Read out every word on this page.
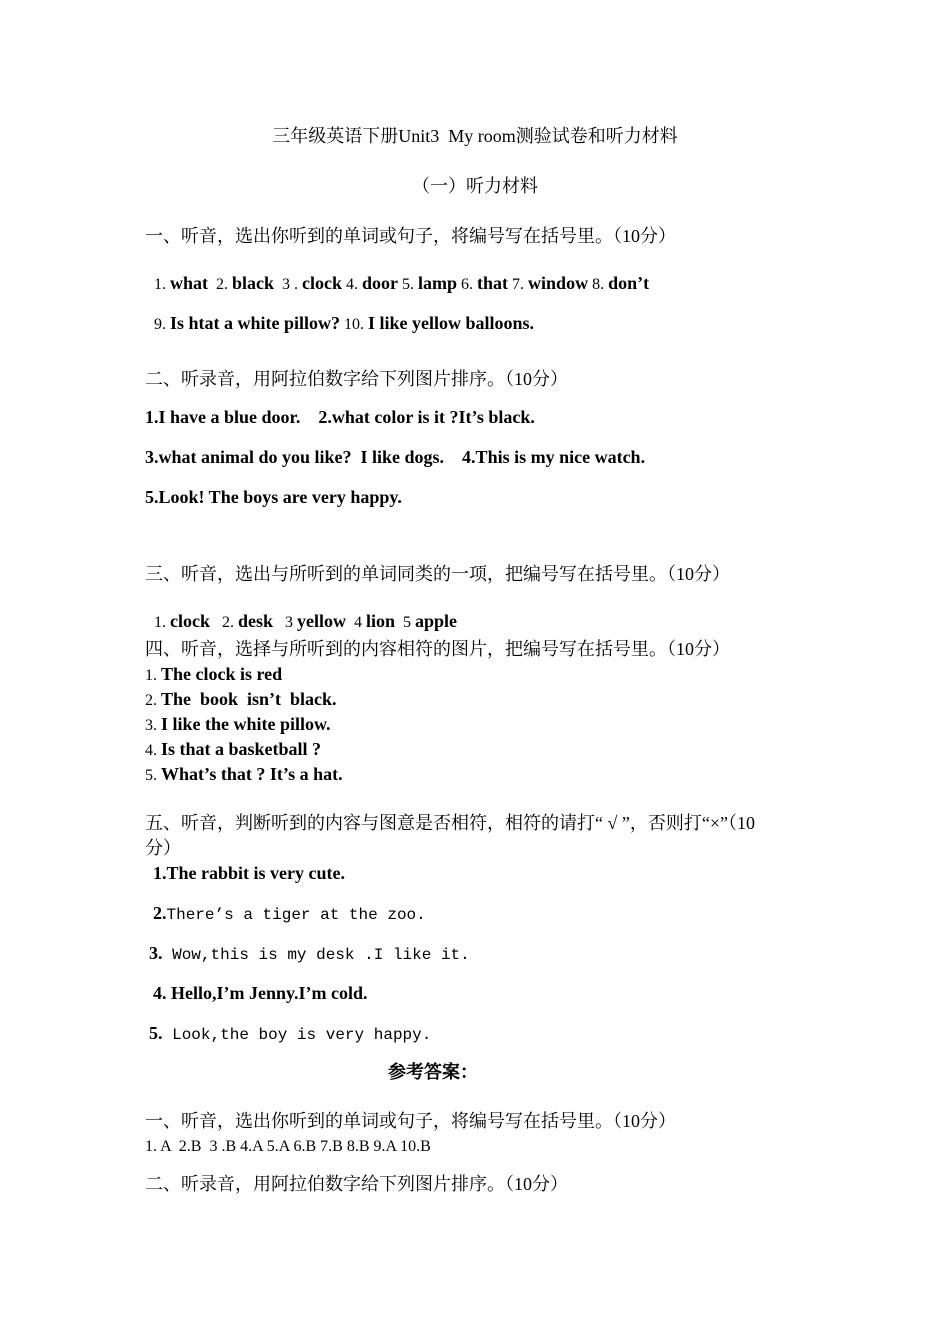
三年级英语下册Unit3  My room测验试卷和听力材料
（一）听力材料
一、听音，选出你听到的单词或句子，将编号写在括号里。（10分）

1. what  2. black  3 . clock 4. door 5. lamp 6. that 7. window 8. don’t

9. Is htat a white pillow? 10. I like yellow balloons.

二、听录音，用阿拉伯数字给下列图片排序。（10分）
1.I have a blue door.    2.what color is it ?It’s black.
3.what animal do you like?  I like dogs.    4.This is my nice watch.
5.Look! The boys are very happy.
三、听音，选出与所听到的单词同类的一项，把编号写在括号里。（10分）

1. clock   2. desk   3 yellow  4 lion  5 apple

四、听音，选择与所听到的内容相符的图片，把编号写在括号里。（10分）
1. The clock is red
2. The  book  isn’t  black.
3. I like the white pillow.
4. Is that a basketball ?
5. What’s that ? It’s a hat.
五、听音，判断听到的内容与图意是否相符，相符的请打“ √ ”，否则打“×”（10
分）
1.The rabbit is very cute.
2.There’s a tiger at the zoo.
3. Wow,this is my desk .I like it.
4. Hello,I’m Jenny.I’m cold.
5. Look,the boy is very happy.
参考答案：
一、听音，选出你听到的单词或句子，将编号写在括号里。（10分）
1. A  2.B  3 .B 4.A 5.A 6.B 7.B 8.B 9.A 10.B
二、听录音，用阿拉伯数字给下列图片排序。（10分）
